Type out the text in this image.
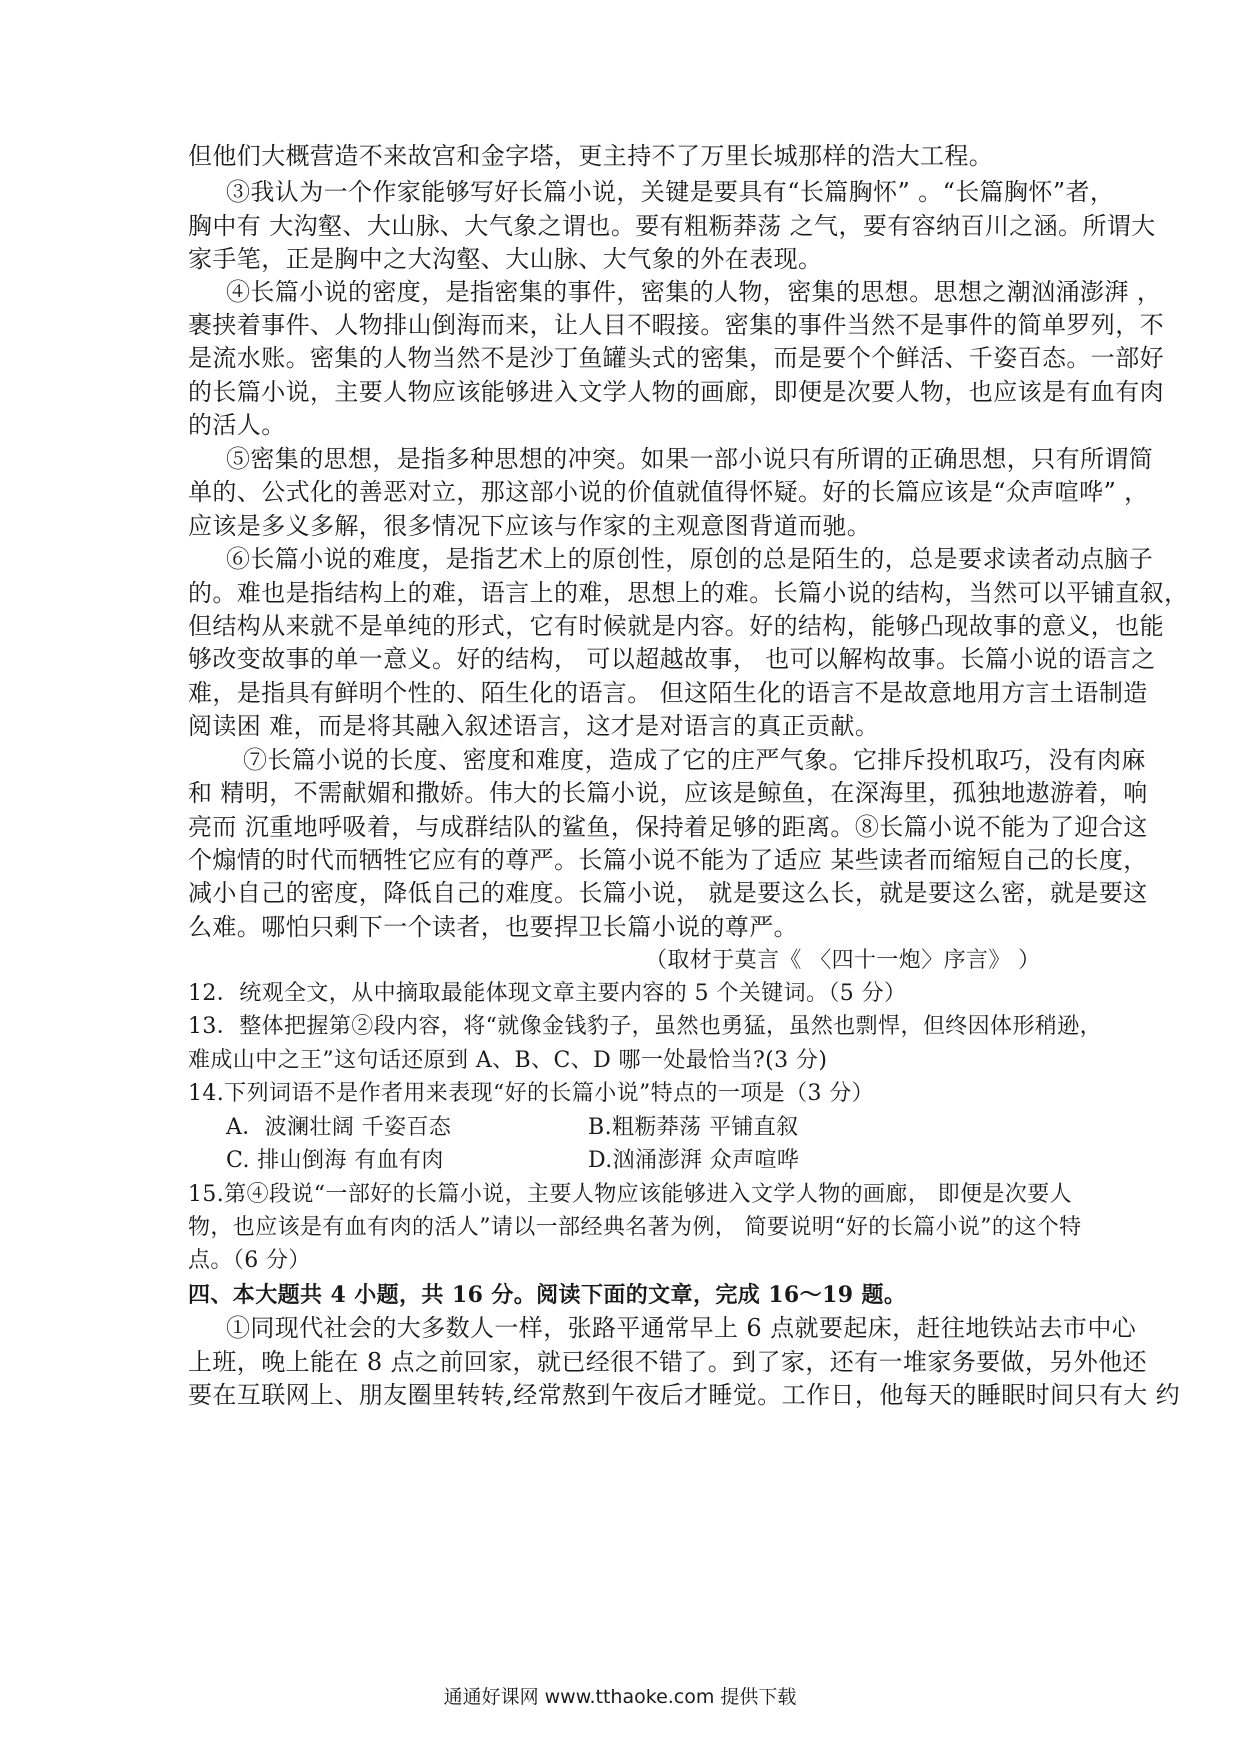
但他们大概营造不来故宫和金字塔，更主持不了万里长城那样的浩大工程。
③我认为一个作家能够写好长篇小说，关键是要具有“长篇胸怀” 。“长篇胸怀”者，
胸中有 大沟壑、大山脉、大气象之谓也。要有粗粝莽荡 之气，要有容纳百川之涵。所谓大
家手笔，正是胸中之大沟壑、大山脉、大气象的外在表现。
④长篇小说的密度，是指密集的事件，密集的人物，密集的思想。思想之潮汹涌澎湃 ，
裹挟着事件、人物排山倒海而来，让人目不暇接。密集的事件当然不是事件的简单罗列，不
是流水账。密集的人物当然不是沙丁鱼罐头式的密集，而是要个个鲜活、千姿百态。一部好
的长篇小说，主要人物应该能够进入文学人物的画廊，即便是次要人物，也应该是有血有肉
的活人。
⑤密集的思想，是指多种思想的冲突。如果一部小说只有所谓的正确思想，只有所谓简
单的、公式化的善恶对立，那这部小说的价值就值得怀疑。好的长篇应该是“众声喧哗” ，
应该是多义多解，很多情况下应该与作家的主观意图背道而驰。
⑥长篇小说的难度，是指艺术上的原创性，原创的总是陌生的，总是要求读者动点脑子
的。难也是指结构上的难，语言上的难，思想上的难。长篇小说的结构，当然可以平铺直叙，
但结构从来就不是单纯的形式，它有时候就是内容。好的结构，能够凸现故事的意义，也能
够改变故事的单一意义。好的结构， 可以超越故事， 也可以解构故事。长篇小说的语言之
难，是指具有鲜明个性的、陌生化的语言。 但这陌生化的语言不是故意地用方言土语制造
阅读困 难，而是将其融入叙述语言，这才是对语言的真正贡献。
⑦长篇小说的长度、密度和难度，造成了它的庄严气象。它排斥投机取巧，没有肉麻
和 精明，不需献媚和撒娇。伟大的长篇小说，应该是鲸鱼，在深海里，孤独地遨游着，响
亮而 沉重地呼吸着，与成群结队的鲨鱼，保持着足够的距离。⑧长篇小说不能为了迎合这
个煽情的时代而牺牲它应有的尊严。长篇小说不能为了适应 某些读者而缩短自己的长度，
减小自己的密度，降低自己的难度。长篇小说， 就是要这么长，就是要这么密，就是要这
么难。哪怕只剩下一个读者，也要捍卫长篇小说的尊严。
（取材于莫言《 〈四十一炮〉序言》 ）
12．统观全文，从中摘取最能体现文章主要内容的 5 个关键词。（5 分）
13．整体把握第②段内容，将“就像金钱豹子，虽然也勇猛，虽然也剽悍，但终因体形稍逊，
难成山中之王”这句话还原到 A、B、C、D 哪一处最恰当?(3 分)
14.下列词语不是作者用来表现“好的长篇小说”特点的一项是（3 分）
A．波澜壮阔 千姿百态	B.粗粝莽荡 平铺直叙
C. 排山倒海 有血有肉	D.汹涌澎湃 众声喧哗
15.第④段说“一部好的长篇小说，主要人物应该能够进入文学人物的画廊， 即便是次要人
物，也应该是有血有肉的活人”请以一部经典名著为例， 简要说明“好的长篇小说”的这个特
点。（6 分）
四、本大题共 4 小题，共 16 分。阅读下面的文章，完成 16～19 题。
①同现代社会的大多数人一样，张路平通常早上 6 点就要起床，赶往地铁站去市中心
上班，晚上能在 8 点之前回家，就已经很不错了。到了家，还有一堆家务要做，另外他还
要在互联网上、朋友圈里转转,经常熬到午夜后才睡觉。工作日，他每天的睡眠时间只有大 约
通通好课网 www.tthaoke.com 提供下载
